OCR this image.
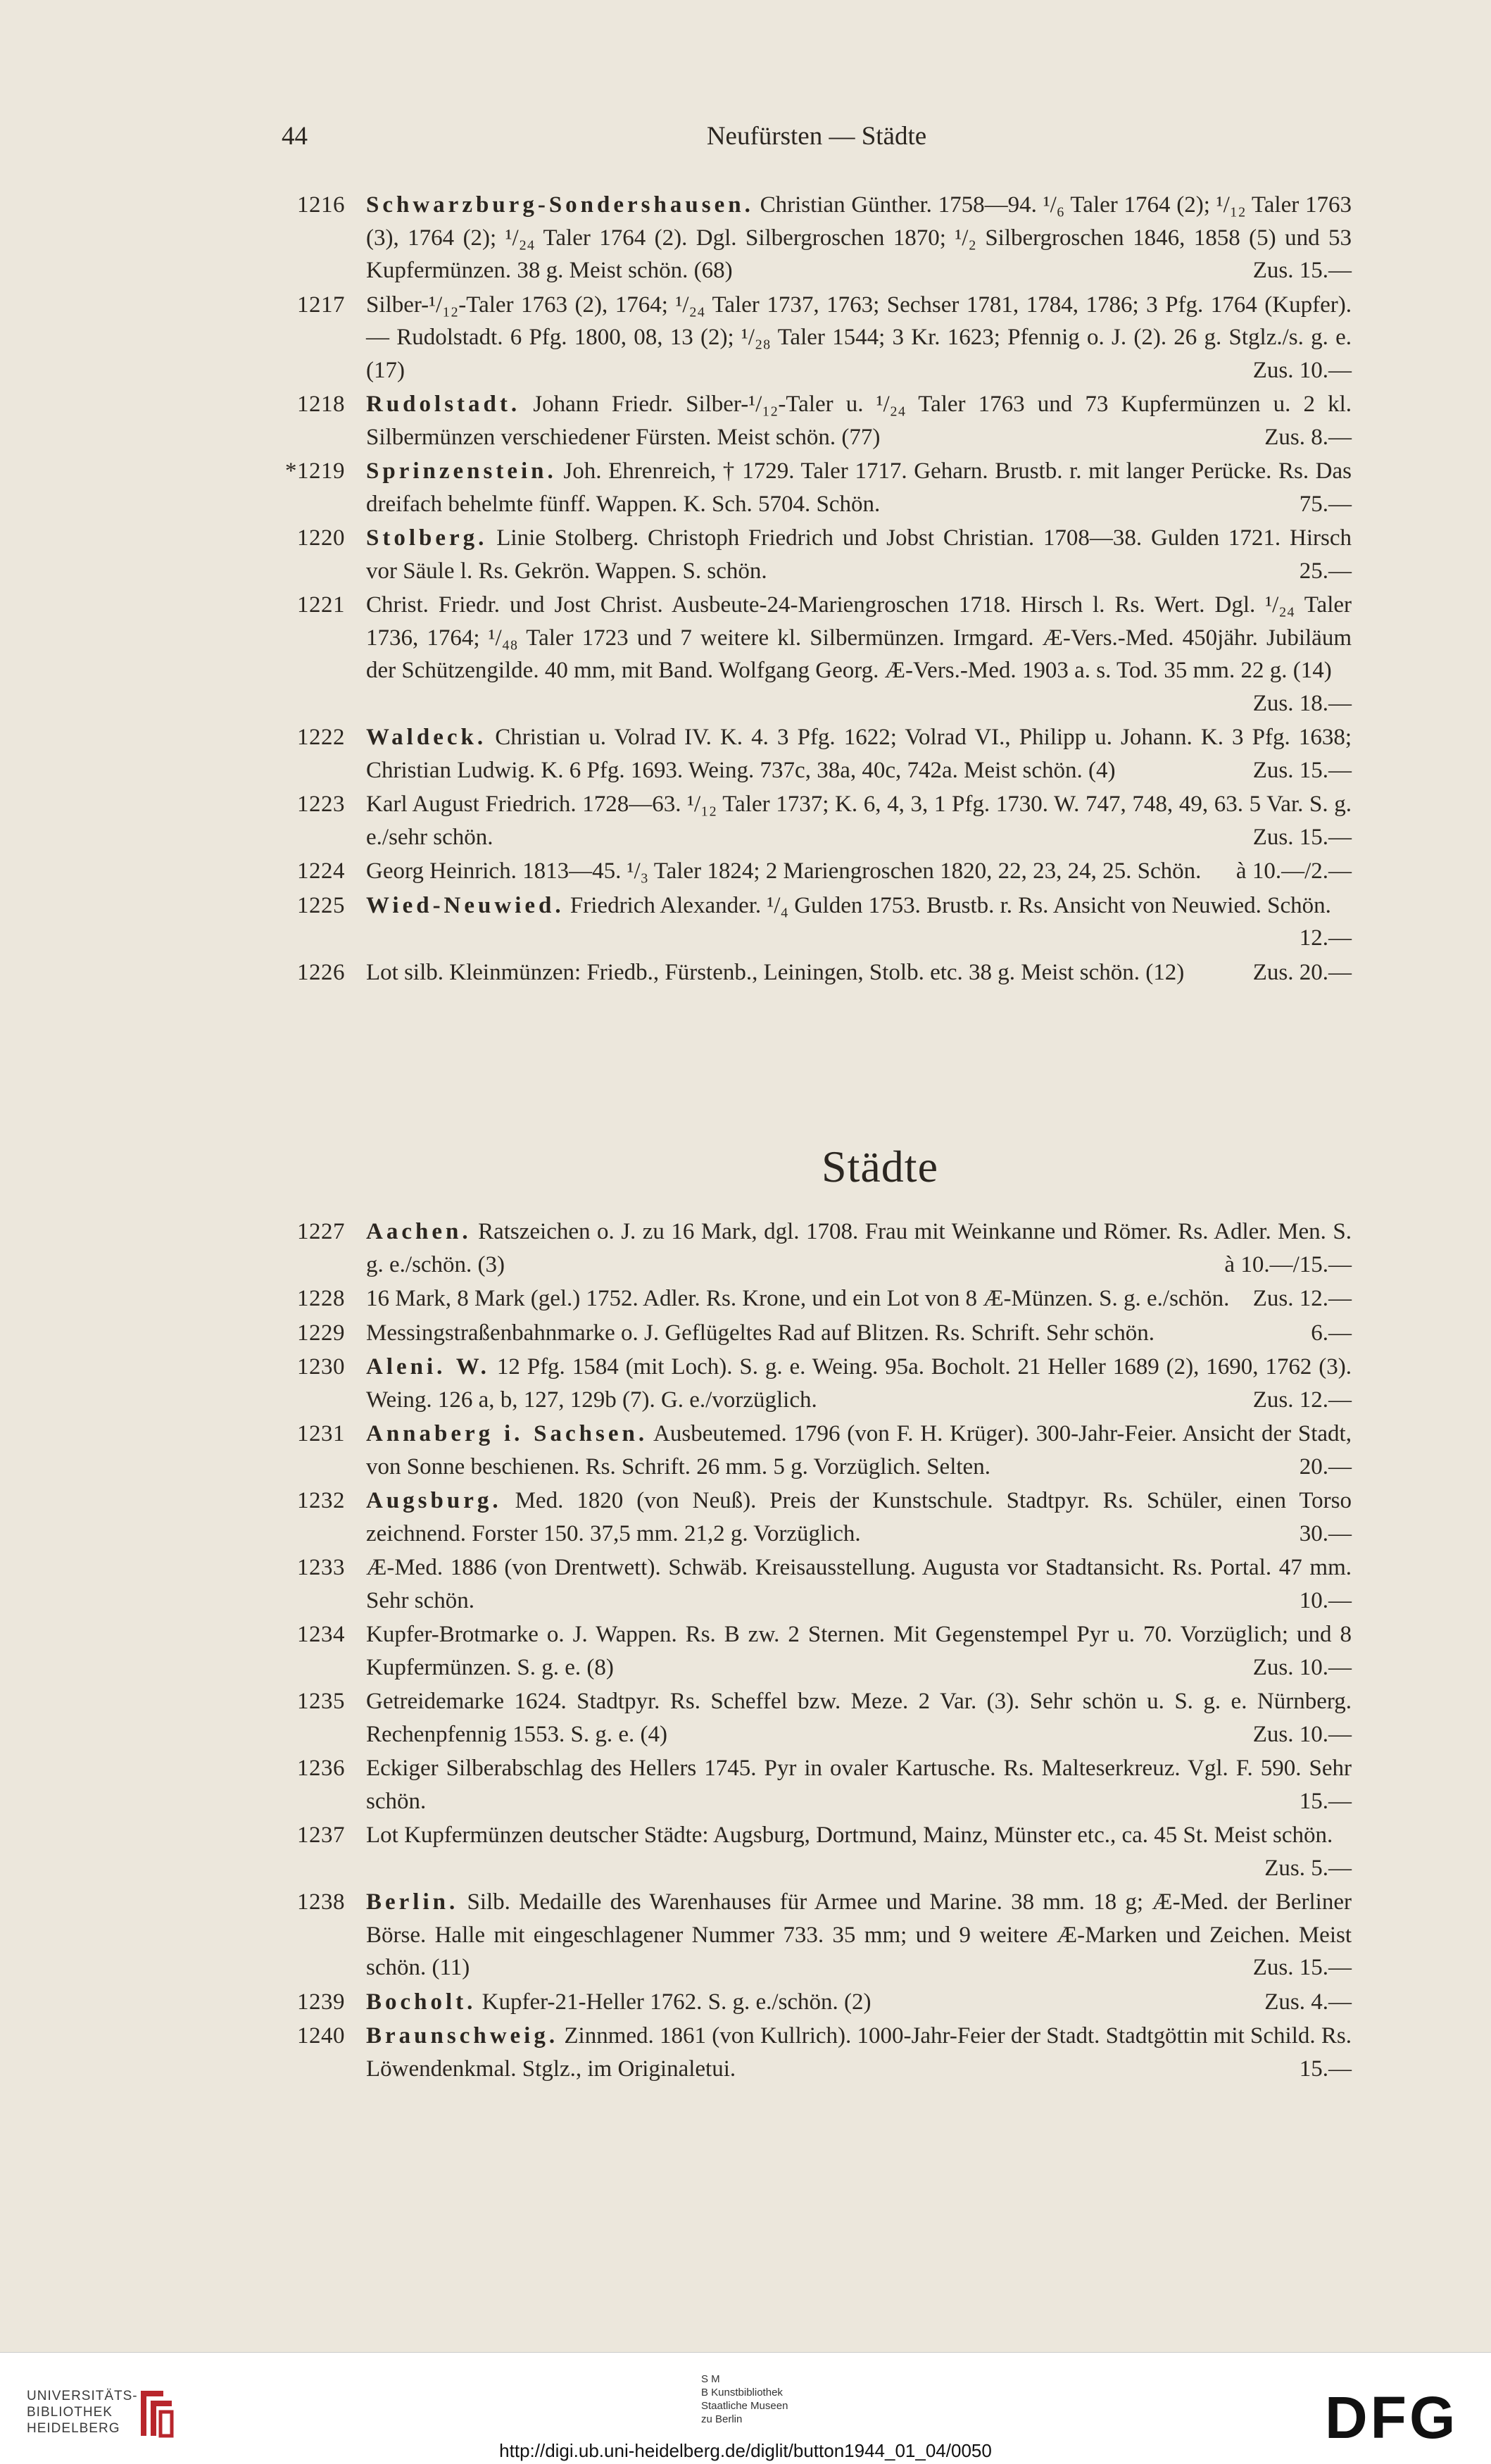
44	Neufürsten — Städte
1216 Schwarzburg-Sondershausen. Christian Günther. 1758—94. ¹/₆ Taler 1764 (2); ¹/₁₂ Taler 1763 (3), 1764 (2); ¹/₂₄ Taler 1764 (2). Dgl. Silbergroschen 1870; ¹/₂ Silbergroschen 1846, 1858 (5) und 53 Kupfermünzen. 38 g. Meist schön. (68)	Zus. 15.—
1217 Silber-¹/₁₂-Taler 1763 (2), 1764; ¹/₂₄ Taler 1737, 1763; Sechser 1781, 1784, 1786; 3 Pfg. 1764 (Kupfer). — Rudolstadt. 6 Pfg. 1800, 08, 13 (2); ¹/₂₈ Taler 1544; 3 Kr. 1623; Pfennig o. J. (2). 26 g. Stglz./s. g. e. (17)	Zus. 10.—
1218 Rudolstadt. Johann Friedr. Silber-¹/₁₂-Taler u. ¹/₂₄ Taler 1763 und 73 Kupfermünzen u. 2 kl. Silbermünzen verschiedener Fürsten. Meist schön. (77)	Zus. 8.—
*1219 Sprinzenstein. Joh. Ehrenreich, † 1729. Taler 1717. Geharn. Brustb. r. mit langer Perücke. Rs. Das dreifach behelmte fünff. Wappen. K. Sch. 5704. Schön.	75.—
1220 Stolberg. Linie Stolberg. Christoph Friedrich und Jobst Christian. 1708—38. Gulden 1721. Hirsch vor Säule l. Rs. Gekrön. Wappen. S. schön.	25.—
1221 Christ. Friedr. und Jost Christ. Ausbeute-24-Mariengroschen 1718. Hirsch l. Rs. Wert. Dgl. ¹/₂₄ Taler 1736, 1764; ¹/₄₈ Taler 1723 und 7 weitere kl. Silbermünzen. Irmgard. Æ-Vers.-Med. 450jähr. Jubiläum der Schützengilde. 40 mm, mit Band. Wolfgang Georg. Æ-Vers.-Med. 1903 a. s. Tod. 35 mm. 22 g. (14)
Zus. 18.—
1222 Waldeck. Christian u. Volrad IV. K. 4. 3 Pfg. 1622; Volrad VI., Philipp u. Johann. K. 3 Pfg. 1638; Christian Ludwig. K. 6 Pfg. 1693. Weing. 737c, 38a, 40c, 742a. Meist schön. (4)	Zus. 15.—
1223 Karl August Friedrich. 1728—63. ¹/₁₂ Taler 1737; K. 6, 4, 3, 1 Pfg. 1730. W. 747, 748, 49, 63. 5 Var. S. g. e./sehr schön.	Zus. 15.—
1224 Georg Heinrich. 1813—45. ¹/₃ Taler 1824; 2 Mariengroschen 1820, 22, 23, 24, 25. Schön.	à 10.—/2.—
1225 Wied-Neuwied. Friedrich Alexander. ¹/₄ Gulden 1753. Brustb. r. Rs. Ansicht von Neuwied. Schön.
12.—
1226 Lot silb. Kleinmünzen: Friedb., Fürstenb., Leiningen, Stolb. etc. 38 g. Meist schön. (12)	Zus. 20.—
Städte
1227 Aachen. Ratszeichen o. J. zu 16 Mark, dgl. 1708. Frau mit Weinkanne und Römer. Rs. Adler. Men. S. g. e./schön. (3)	à 10.—/15.—
1228 16 Mark, 8 Mark (gel.) 1752. Adler. Rs. Krone, und ein Lot von 8 Æ-Münzen. S. g. e./schön.	Zus. 12.—
1229 Messingstraßenbahnmarke o. J. Geflügeltes Rad auf Blitzen. Rs. Schrift. Sehr schön.	6.—
1230 Aleni. W. 12 Pfg. 1584 (mit Loch). S. g. e. Weing. 95a. Bocholt. 21 Heller 1689 (2), 1690, 1762 (3). Weing. 126 a, b, 127, 129b (7). G. e./vorzüglich.	Zus. 12.—
1231 Annaberg i. Sachsen. Ausbeutemed. 1796 (von F. H. Krüger). 300-Jahr-Feier. Ansicht der Stadt, von Sonne beschienen. Rs. Schrift. 26 mm. 5 g. Vorzüglich. Selten.	20.—
1232 Augsburg. Med. 1820 (von Neuß). Preis der Kunstschule. Stadtpyr. Rs. Schüler, einen Torso zeichnend. Forster 150. 37,5 mm. 21,2 g. Vorzüglich.	30.—
1233 Æ-Med. 1886 (von Drentwett). Schwäb. Kreisausstellung. Augusta vor Stadtansicht. Rs. Portal. 47 mm. Sehr schön.	10.—
1234 Kupfer-Brotmarke o. J. Wappen. Rs. B zw. 2 Sternen. Mit Gegenstempel Pyr u. 70. Vorzüglich; und 8 Kupfermünzen. S. g. e. (8)	Zus. 10.—
1235 Getreidemarke 1624. Stadtpyr. Rs. Scheffel bzw. Meze. 2 Var. (3). Sehr schön u. S. g. e. Nürnberg. Rechenpfennig 1553. S. g. e. (4)	Zus. 10.—
1236 Eckiger Silberabschlag des Hellers 1745. Pyr in ovaler Kartusche. Rs. Malteserkreuz. Vgl. F. 590. Sehr schön.	15.—
1237 Lot Kupfermünzen deutscher Städte: Augsburg, Dortmund, Mainz, Münster etc., ca. 45 St. Meist schön.
Zus. 5.—
1238 Berlin. Silb. Medaille des Warenhauses für Armee und Marine. 38 mm. 18 g; Æ-Med. der Berliner Börse. Halle mit eingeschlagener Nummer 733. 35 mm; und 9 weitere Æ-Marken und Zeichen. Meist schön. (11)	Zus. 15.—
1239 Bocholt. Kupfer-21-Heller 1762. S. g. e./schön. (2)	Zus. 4.—
1240 Braunschweig. Zinnmed. 1861 (von Kullrich). 1000-Jahr-Feier der Stadt. Stadtgöttin mit Schild. Rs. Löwendenkmal. Stglz., im Originaletui.	15.—
UNIVERSITÄTS-
BIBLIOTHEK
HEIDELBERG
S M
B Kunstbibliothek
Staatliche Museen
zu Berlin	DFG
http://digi.ub.uni-heidelberg.de/diglit/button1944_01_04/0050
